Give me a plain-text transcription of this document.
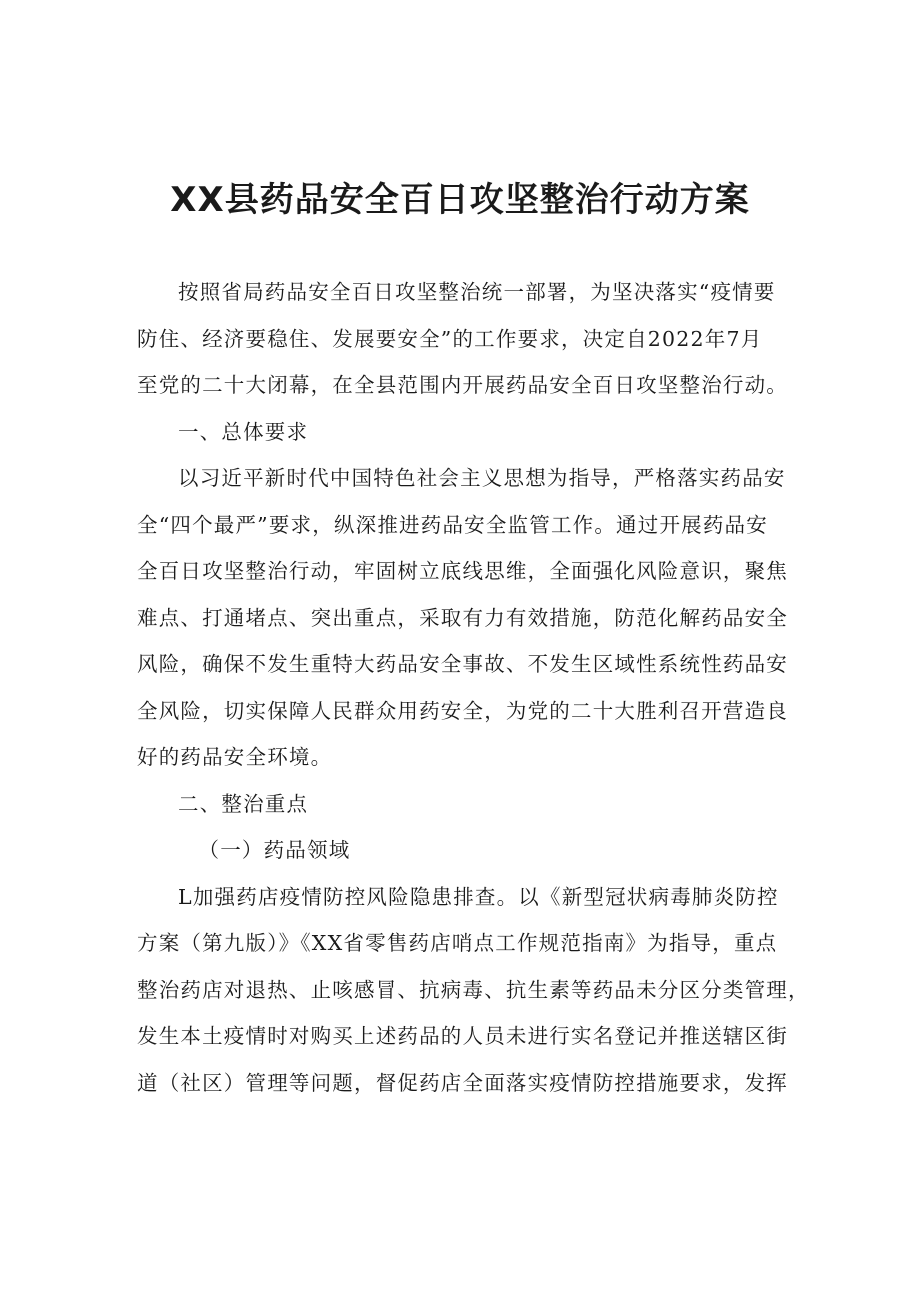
XX县药品安全百日攻坚整治行动方案
按照省局药品安全百日攻坚整治统一部署，为坚决落实“疫情要
防住、经济要稳住、发展要安全”的工作要求，决定自2022年7月
至党的二十大闭幕，在全县范围内开展药品安全百日攻坚整治行动。
一、总体要求
以习近平新时代中国特色社会主义思想为指导，严格落实药品安
全“四个最严”要求，纵深推进药品安全监管工作。通过开展药品安
全百日攻坚整治行动，牢固树立底线思维，全面强化风险意识，聚焦
难点、打通堵点、突出重点，采取有力有效措施，防范化解药品安全
风险，确保不发生重特大药品安全事故、不发生区域性系统性药品安
全风险，切实保障人民群众用药安全，为党的二十大胜利召开营造良
好的药品安全环境。
二、整治重点
（一）药品领域
L加强药店疫情防控风险隐患排查。以《新型冠状病毒肺炎防控
方案（第九版）》《XX省零售药店哨点工作规范指南》为指导，重点
整治药店对退热、止咳感冒、抗病毒、抗生素等药品未分区分类管理，
发生本土疫情时对购买上述药品的人员未进行实名登记并推送辖区街
道（社区）管理等问题，督促药店全面落实疫情防控措施要求，发挥
